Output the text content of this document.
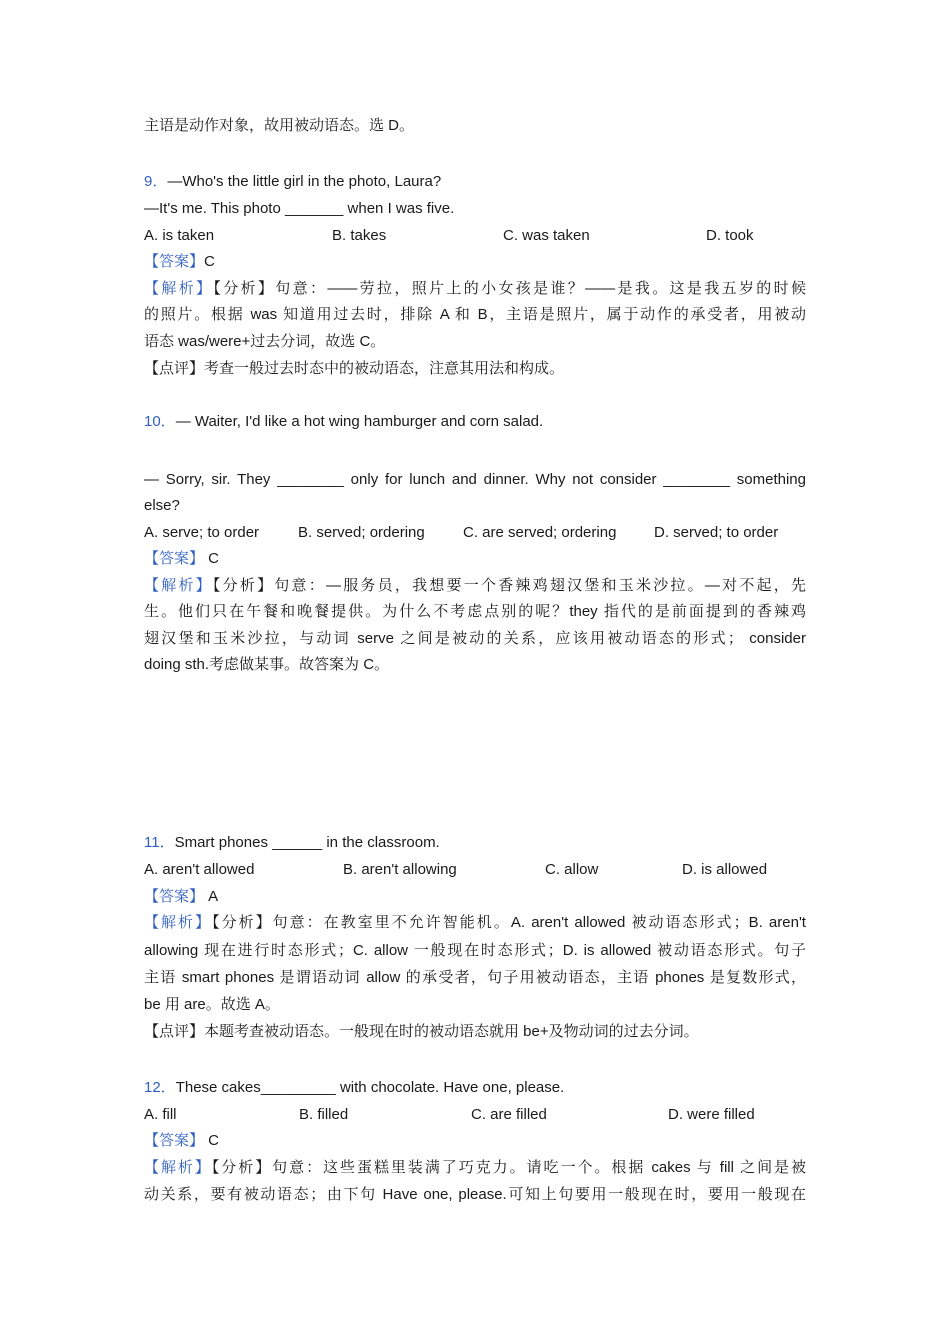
主语是动作对象，故用被动语态。选 D。
9．—Who's the little girl in the photo, Laura?
—It's me. This photo _______ when I was five.
A. is taken	B. takes	C. was taken	D. took
【答案】C
【解析】【分析】句意：——劳拉，照片上的小女孩是谁？——是我。这是我五岁的时候
的照片。根据 was 知道用过去时，排除 A 和 B，主语是照片，属于动作的承受者，用被动
语态 was/were+过去分词，故选 C。
【点评】考查一般过去时态中的被动语态，注意其用法和构成。
10．— Waiter, I'd like a hot wing hamburger and corn salad.
— Sorry, sir. They ________ only for lunch and dinner. Why not consider ________ something
else?
A. serve; to order	B. served; ordering	C. are served; ordering	D. served; to order
【答案】 C
【解析】【分析】句意：—服务员，我想要一个香辣鸡翅汉堡和玉米沙拉。—对不起，先
生。他们只在午餐和晚餐提供。为什么不考虑点别的呢？they 指代的是前面提到的香辣鸡
翅汉堡和玉米沙拉，与动词 serve 之间是被动的关系，应该用被动语态的形式； consider
doing sth.考虑做某事。故答案为 C。
11．Smart phones ______ in the classroom.
A. aren't allowed	B. aren't allowing	C. allow	D. is allowed
【答案】 A
【解析】【分析】句意：在教室里不允许智能机。A. aren't allowed 被动语态形式；B. aren't
allowing 现在进行时态形式；C. allow 一般现在时态形式；D. is allowed 被动语态形式。句子
主语 smart phones 是谓语动词 allow 的承受者，句子用被动语态，主语 phones 是复数形式，
be 用 are。故选 A。
【点评】本题考查被动语态。一般现在时的被动语态就用 be+及物动词的过去分词。
12．These cakes_________ with chocolate. Have one, please.
A. fill	B. filled	C. are filled	D. were filled
【答案】 C
【解析】【分析】句意：这些蛋糕里装满了巧克力。请吃一个。根据 cakes 与 fill 之间是被
动关系，要有被动语态；由下句 Have one, please.可知上句要用一般现在时，要用一般现在
